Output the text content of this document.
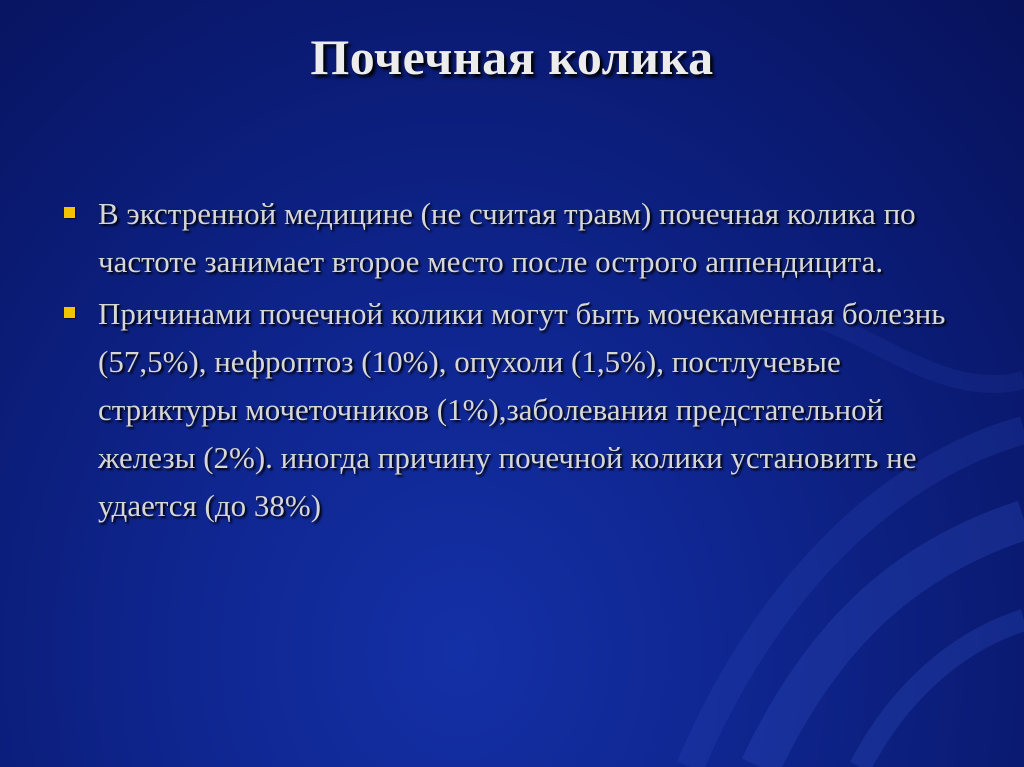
Почечная колика
В экстренной медицине (не считая травм) почечная колика по частоте занимает второе место после острого аппендицита.
Причинами почечной колики могут быть мочекаменная болезнь (57,5%), нефроптоз (10%), опухоли (1,5%), постлучевые стриктуры мочеточников (1%),заболевания предстательной железы (2%). иногда причину почечной колики установить не удается (до 38%)
